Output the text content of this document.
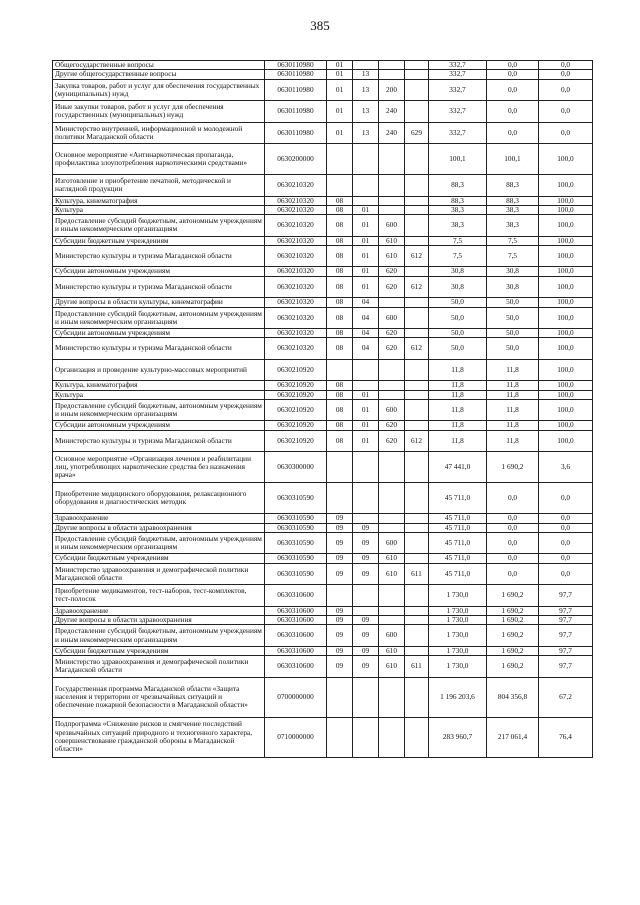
385
Общегосударственные вопросы	0630110980	01				332,7	0,0	0,0
Другие общегосударственные вопросы	0630110980	01	13			332,7	0,0	0,0
Закупка товаров, работ и услуг для обеспечения государственных (муниципальных) нужд	0630110980	01	13	200		332,7	0,0	0,0
Иные закупки товаров, работ и услуг для обеспечения государственных (муниципальных) нужд	0630110980	01	13	240		332,7	0,0	0,0
Министерство внутренней, информационной и молодежной политики Магаданской области	0630110980	01	13	240	629	332,7	0,0	0,0
Основное мероприятие «Антинаркотическая пропаганда, профилактика злоупотребления наркотическими средствами»	0630200000					100,1	100,1	100,0
Изготовление и приобретение печатной, методической и наглядной продукции	0630210320					88,3	88,3	100,0
Культура, кинематография	0630210320	08				88,3	88,3	100,0
Культура	0630210320	08	01			38,3	38,3	100,0
Предоставление субсидий бюджетным, автономным учреждениям и иным некоммерческим организациям	0630210320	08	01	600		38,3	38,3	100,0
Субсидии бюджетным учреждениям	0630210320	08	01	610		7,5	7,5	100,0
Министерство культуры и туризма Магаданской области	0630210320	08	01	610	612	7,5	7,5	100,0
Субсидии автономным учреждениям	0630210320	08	01	620		30,8	30,8	100,0
Министерство культуры и туризма Магаданской области	0630210320	08	01	620	612	30,8	30,8	100,0
Другие вопросы в области культуры, кинематографии	0630210320	08	04			50,0	50,0	100,0
Предоставление субсидий бюджетным, автономным учреждениям и иным некоммерческим организациям	0630210320	08	04	600		50,0	50,0	100,0
Субсидии автономным учреждениям	0630210320	08	04	620		50,0	50,0	100,0
Министерство культуры и туризма Магаданской области	0630210320	08	04	620	612	50,0	50,0	100,0
Организация и проведение культурно-массовых мероприятий	0630210920					11,8	11,8	100,0
Культура, кинематография	0630210920	08				11,8	11,8	100,0
Культура	0630210920	08	01			11,8	11,8	100,0
Предоставление субсидий бюджетным, автономным учреждениям и иным некоммерческим организациям	0630210920	08	01	600		11,8	11,8	100,0
Субсидии автономным учреждениям	0630210920	08	01	620		11,8	11,8	100,0
Министерство культуры и туризма Магаданской области	0630210920	08	01	620	612	11,8	11,8	100,0
Основное мероприятие «Организация лечения и реабилитации лиц, употребляющих наркотические средства без назначения врача»	0630300000					47 441,0	1 690,2	3,6
Приобретение медицинского оборудования, релаксационного оборудования и диагностических методик	0630310590					45 711,0	0,0	0,0
Здравоохранение	0630310590	09				45 711,0	0,0	0,0
Другие вопросы в области здравоохранения	0630310590	09	09			45 711,0	0,0	0,0
Предоставление субсидий бюджетным, автономным учреждениям и иным некоммерческим организациям	0630310590	09	09	600		45 711,0	0,0	0,0
Субсидии бюджетным учреждениям	0630310590	09	09	610		45 711,0	0,0	0,0
Министерство здравоохранения и демографической политики Магаданской области	0630310590	09	09	610	611	45 711,0	0,0	0,0
Приобретение медикаментов, тест-наборов, тест-комплектов, тест-полосок	0630310600					1 730,0	1 690,2	97,7
Здравоохранение	0630310600	09				1 730,0	1 690,2	97,7
Другие вопросы в области здравоохранения	0630310600	09	09			1 730,0	1 690,2	97,7
Предоставление субсидий бюджетным, автономным учреждениям и иным некоммерческим организациям	0630310600	09	09	600		1 730,0	1 690,2	97,7
Субсидии бюджетным учреждениям	0630310600	09	09	610		1 730,0	1 690,2	97,7
Министерство здравоохранения и демографической политики Магаданской области	0630310600	09	09	610	611	1 730,0	1 690,2	97,7
Государственная программа Магаданской области «Защита населения и территории от чрезвычайных ситуаций и обеспечение пожарной безопасности в Магаданской области»	0700000000					1 196 203,6	804 356,8	67,2
Подпрограмма «Снижение рисков и смягчение последствий чрезвычайных ситуаций природного и техногенного характера, совершенствование гражданской обороны в Магаданской области»	0710000000					283 960,7	217 061,4	76,4
